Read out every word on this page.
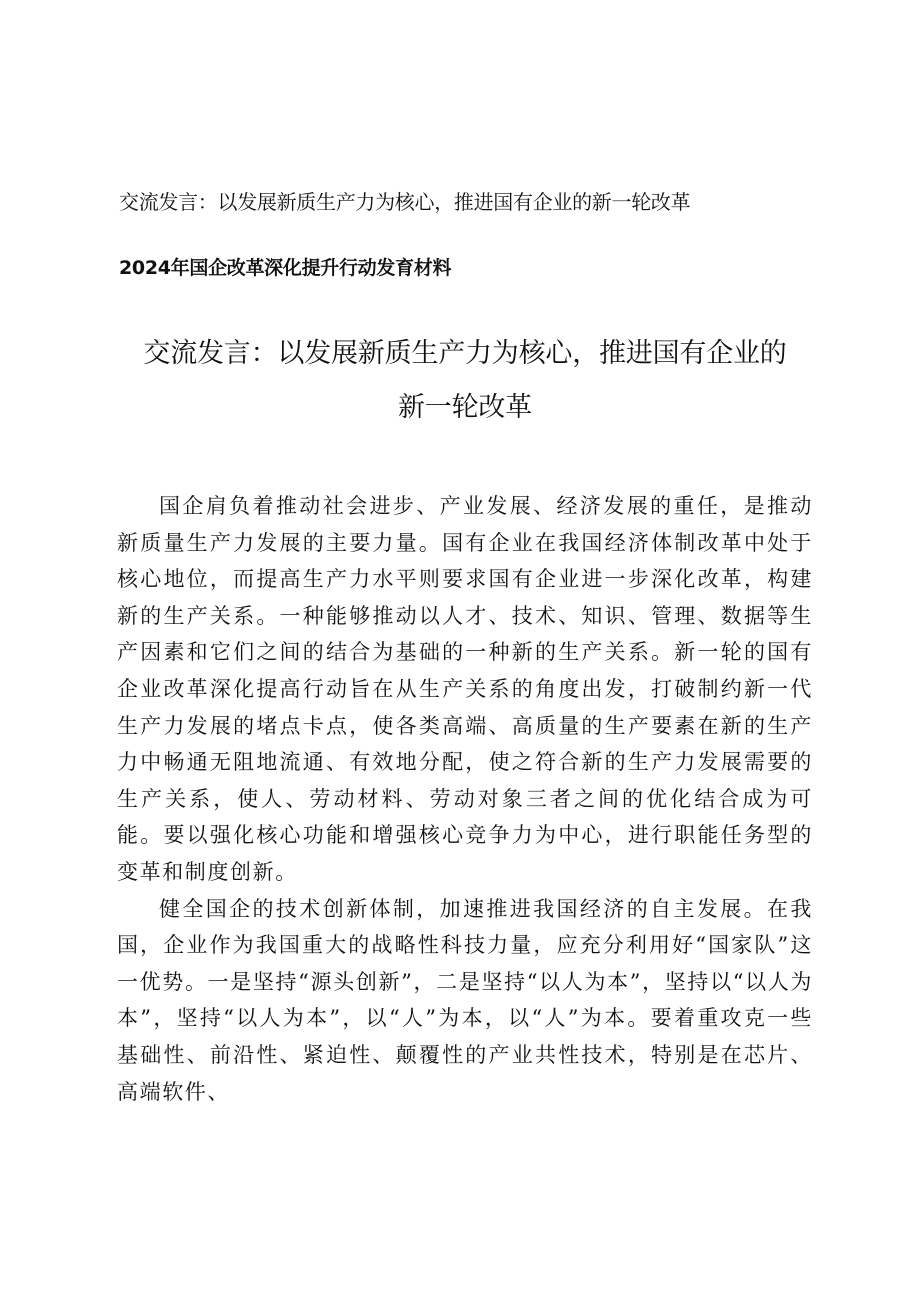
交流发言：以发展新质生产力为核心，推进国有企业的新一轮改革
2024年国企改革深化提升行动发育材料
交流发言：以发展新质生产力为核心，推进国有企业的
新一轮改革

国企肩负着推动社会进步、产业发展、经济发展的重任，是推动新质量生产力发展的主要力量。国有企业在我国经济体制改革中处于核心地位，而提高生产力水平则要求国有企业进一步深化改革，构建新的生产关系。一种能够推动以人才、技术、知识、管理、数据等生产因素和它们之间的结合为基础的一种新的生产关系。新一轮的国有企业改革深化提高行动旨在从生产关系的角度出发，打破制约新一代生产力发展的堵点卡点，使各类高端、高质量的生产要素在新的生产力中畅通无阻地流通、有效地分配，使之符合新的生产力发展需要的生产关系，使人、劳动材料、劳动对象三者之间的优化结合成为可能。要以强化核心功能和增强核心竞争力为中心，进行职能任务型的变革和制度创新。

健全国企的技术创新体制，加速推进我国经济的自主发展。在我国，企业作为我国重大的战略性科技力量，应充分利用好“国家队”这一优势。一是坚持“源头创新”，二是坚持“以人为本”，坚持以“以人为本”，坚持“以人为本”，以“人”为本，以“人”为本。要着重攻克一些基础性、前沿性、紧迫性、颠覆性的产业共性技术，特别是在芯片、高端软件、
